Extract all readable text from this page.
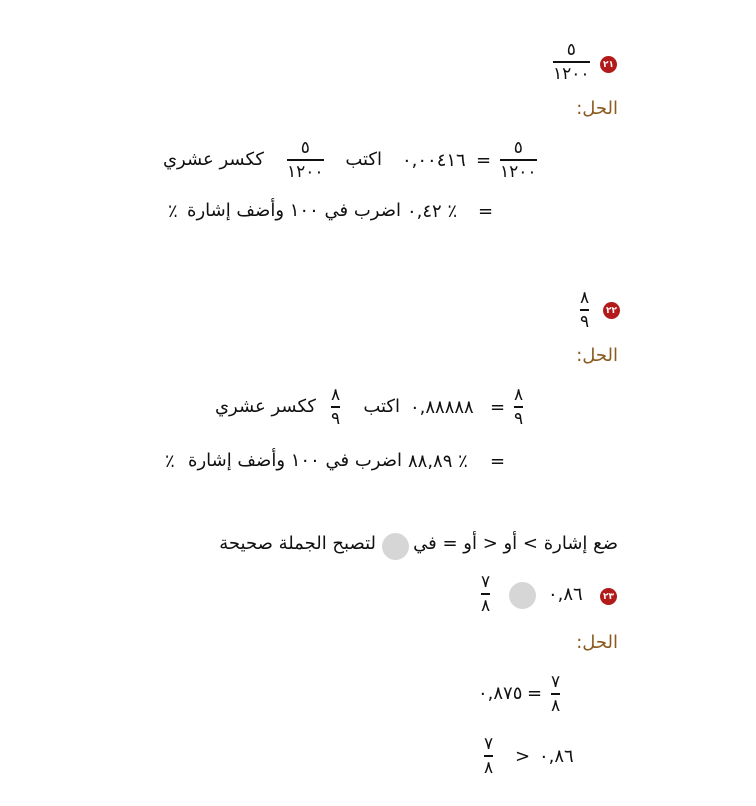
٢١
٥
١٢٠٠
الحل:
٥
١٢٠٠
=
٠,٠٠٤١٦
اكتب
٥
١٢٠٠
ككسر عشري
=
٠,٤٢ ٪
اضرب في ١٠٠ وأضف إشارة
٪
٢٢
٨
٩
الحل:
٨
٩
=
٠,٨٨٨٨٨
اكتب
٨
٩
ككسر عشري
=
٨٨,٨٩ ٪
اضرب في ١٠٠ وأضف إشارة
٪
ضع إشارة > أو < أو = في
لتصبح الجملة صحيحة
٢٣
٠,٨٦
٧
٨
الحل:
٧
٨
=
٠,٨٧٥
٧
٨
> ٠,٨٦
